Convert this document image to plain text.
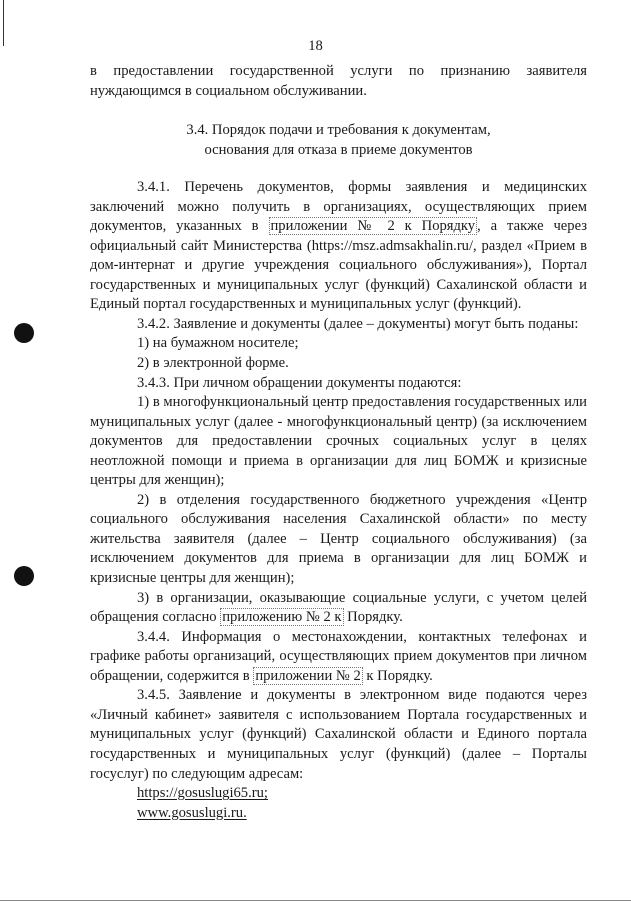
18

в предоставлении государственной услуги по признанию заявителя нуждающимся в социальном обслуживании.

3.4. Порядок подачи и требования к документам,
основания для отказа в приеме документов

3.4.1. Перечень документов, формы заявления и медицинских заключений можно получить в организациях, осуществляющих прием документов, указанных в приложении № 2 к Порядку , а также через официальный сайт Министерства (https://msz.admsakhalin.ru/, раздел «Прием в дом-интернат и другие учреждения социального обслуживания»), Портал государственных и муниципальных услуг (функций) Сахалинской области и Единый портал государственных и муниципальных услуг (функций).

3.4.2. Заявление и документы (далее – документы) могут быть поданы:

1) на бумажном носителе;

2) в электронной форме.

3.4.3. При личном обращении документы подаются:

1) в многофункциональный центр предоставления государственных или муниципальных услуг (далее - многофункциональный центр) (за исключением документов для предоставлении срочных социальных услуг в целях неотложной помощи и приема в организации для лиц БОМЖ и кризисные центры для женщин);

2) в отделения государственного бюджетного учреждения «Центр социального обслуживания населения Сахалинской области» по месту жительства заявителя (далее – Центр социального обслуживания) (за исключением документов для приема в организации для лиц БОМЖ и кризисные центры для женщин);

3) в организации, оказывающие социальные услуги, с учетом целей обращения согласно приложению № 2 к Порядку.

3.4.4. Информация о местонахождении, контактных телефонах и графике работы организаций, осуществляющих прием документов при личном обращении, содержится в приложении № 2 к Порядку.

3.4.5. Заявление и документы в электронном виде подаются через «Личный кабинет» заявителя с использованием Портала государственных и муниципальных услуг (функций) Сахалинской области и Единого портала государственных и муниципальных услуг (функций) (далее – Порталы госуслуг) по следующим адресам:

https://gosuslugi65.ru;
www.gosuslugi.ru.
